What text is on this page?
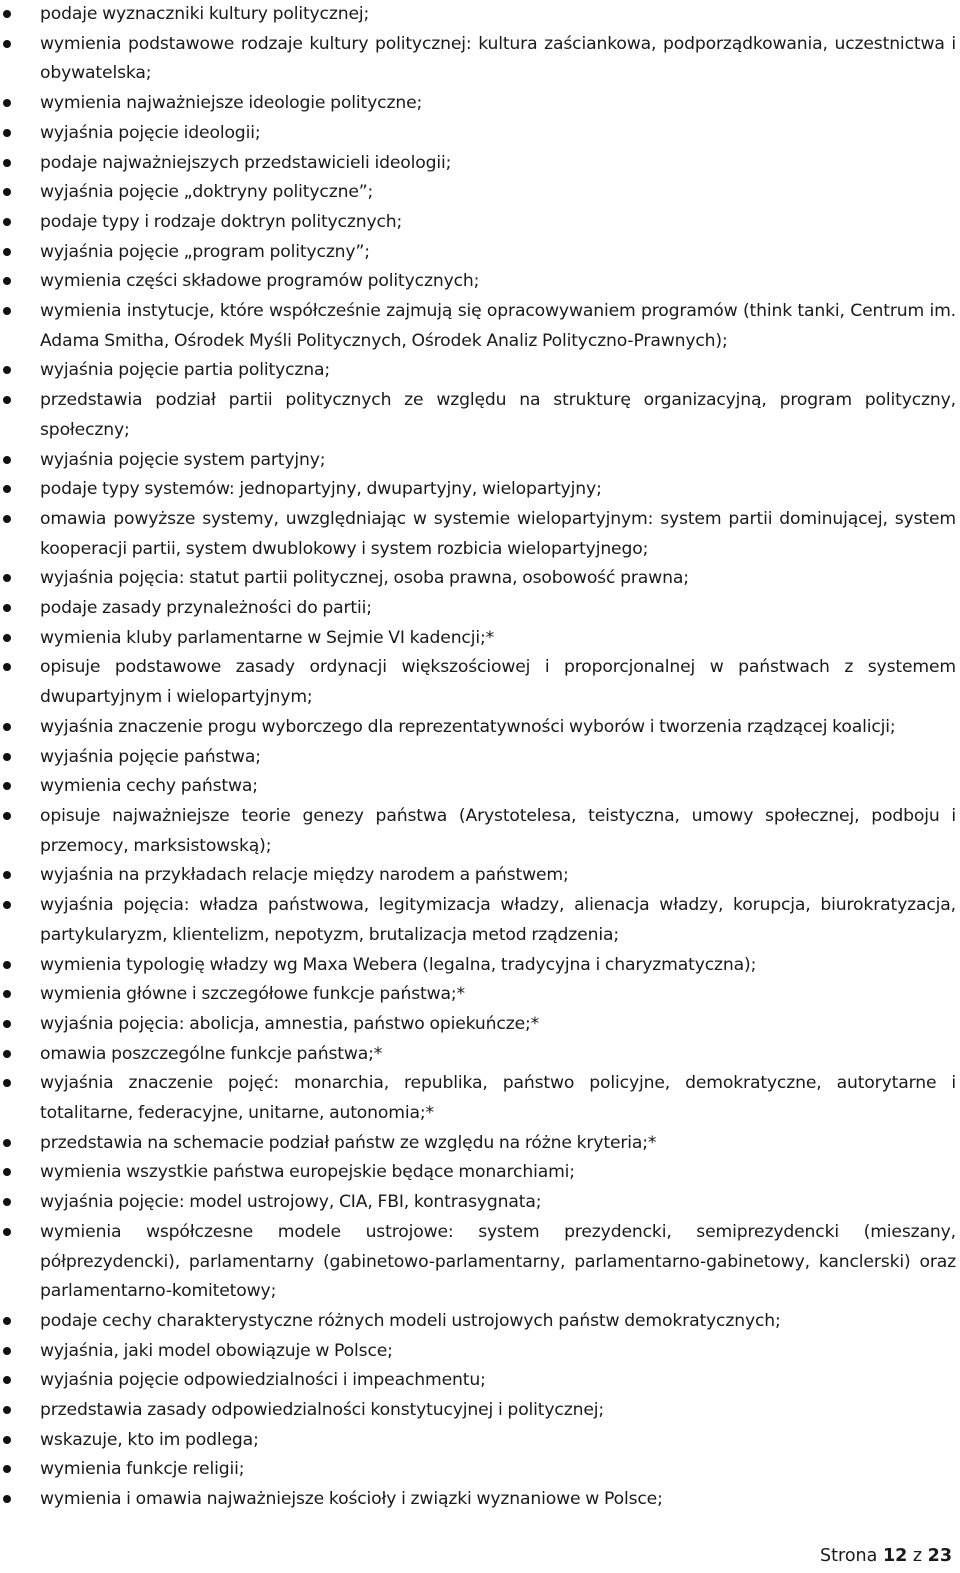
podaje wyznaczniki kultury politycznej;
wymienia podstawowe rodzaje kultury politycznej: kultura zaściankowa, podporządkowania, uczestnictwa i obywatelska;
wymienia najważniejsze ideologie polityczne;
wyjaśnia pojęcie ideologii;
podaje najważniejszych przedstawicieli ideologii;
wyjaśnia pojęcie „doktryny polityczne”;
podaje typy i rodzaje doktryn politycznych;
wyjaśnia pojęcie „program polityczny”;
wymienia części składowe programów politycznych;
wymienia instytucje, które współcześnie zajmują się opracowywaniem programów (think tanki, Centrum im. Adama Smitha, Ośrodek Myśli Politycznych, Ośrodek Analiz Polityczno-Prawnych);
wyjaśnia pojęcie partia polityczna;
przedstawia podział partii politycznych ze względu na strukturę organizacyjną, program polityczny, społeczny;
wyjaśnia pojęcie system partyjny;
podaje typy systemów: jednopartyjny, dwupartyjny, wielopartyjny;
omawia powyższe systemy, uwzględniając w systemie wielopartyjnym: system partii dominującej, system kooperacji partii, system dwublokowy i system rozbicia wielopartyjnego;
wyjaśnia pojęcia: statut partii politycznej, osoba prawna, osobowość prawna;
podaje zasady przynależności do partii;
wymienia kluby parlamentarne w Sejmie VI kadencji;*
opisuje podstawowe zasady ordynacji większościowej i proporcjonalnej w państwach z systemem dwupartyjnym i wielopartyjnym;
wyjaśnia znaczenie progu wyborczego dla reprezentatywności wyborów i tworzenia rządzącej koalicji;
wyjaśnia pojęcie państwa;
wymienia cechy państwa;
opisuje najważniejsze teorie genezy państwa (Arystotelesa, teistyczna, umowy społecznej, podboju i przemocy, marksistowską);
wyjaśnia na przykładach relacje między narodem a państwem;
wyjaśnia pojęcia: władza państwowa, legitymizacja władzy, alienacja władzy, korupcja, biurokratyzacja, partykularyzm, klientelizm, nepotyzm, brutalizacja metod rządzenia;
wymienia typologię władzy wg Maxa Webera (legalna, tradycyjna i charyzmatyczna);
wymienia główne i szczegółowe funkcje państwa;*
wyjaśnia pojęcia: abolicja, amnestia, państwo opiekuńcze;*
omawia poszczególne funkcje państwa;*
wyjaśnia znaczenie pojęć: monarchia, republika, państwo policyjne, demokratyczne, autorytarne i totalitarne, federacyjne, unitarne, autonomia;*
przedstawia na schemacie podział państw ze względu na różne kryteria;*
wymienia wszystkie państwa europejskie będące monarchiami;
wyjaśnia pojęcie: model ustrojowy, CIA, FBI, kontrasygnata;
wymienia współczesne modele ustrojowe: system prezydencki, semiprezydencki (mieszany, półprezydencki), parlamentarny (gabinetowo-parlamentarny, parlamentarno-gabinetowy, kanclerski) oraz parlamentarno-komitetowy;
podaje cechy charakterystyczne różnych modeli ustrojowych państw demokratycznych;
wyjaśnia, jaki model obowiązuje w Polsce;
wyjaśnia pojęcie odpowiedzialności i impeachmentu;
przedstawia zasady odpowiedzialności konstytucyjnej i politycznej;
wskazuje, kto im podlega;
wymienia funkcje religii;
wymienia i omawia najważniejsze kościoły i związki wyznaniowe w Polsce;
Strona 12 z 23
